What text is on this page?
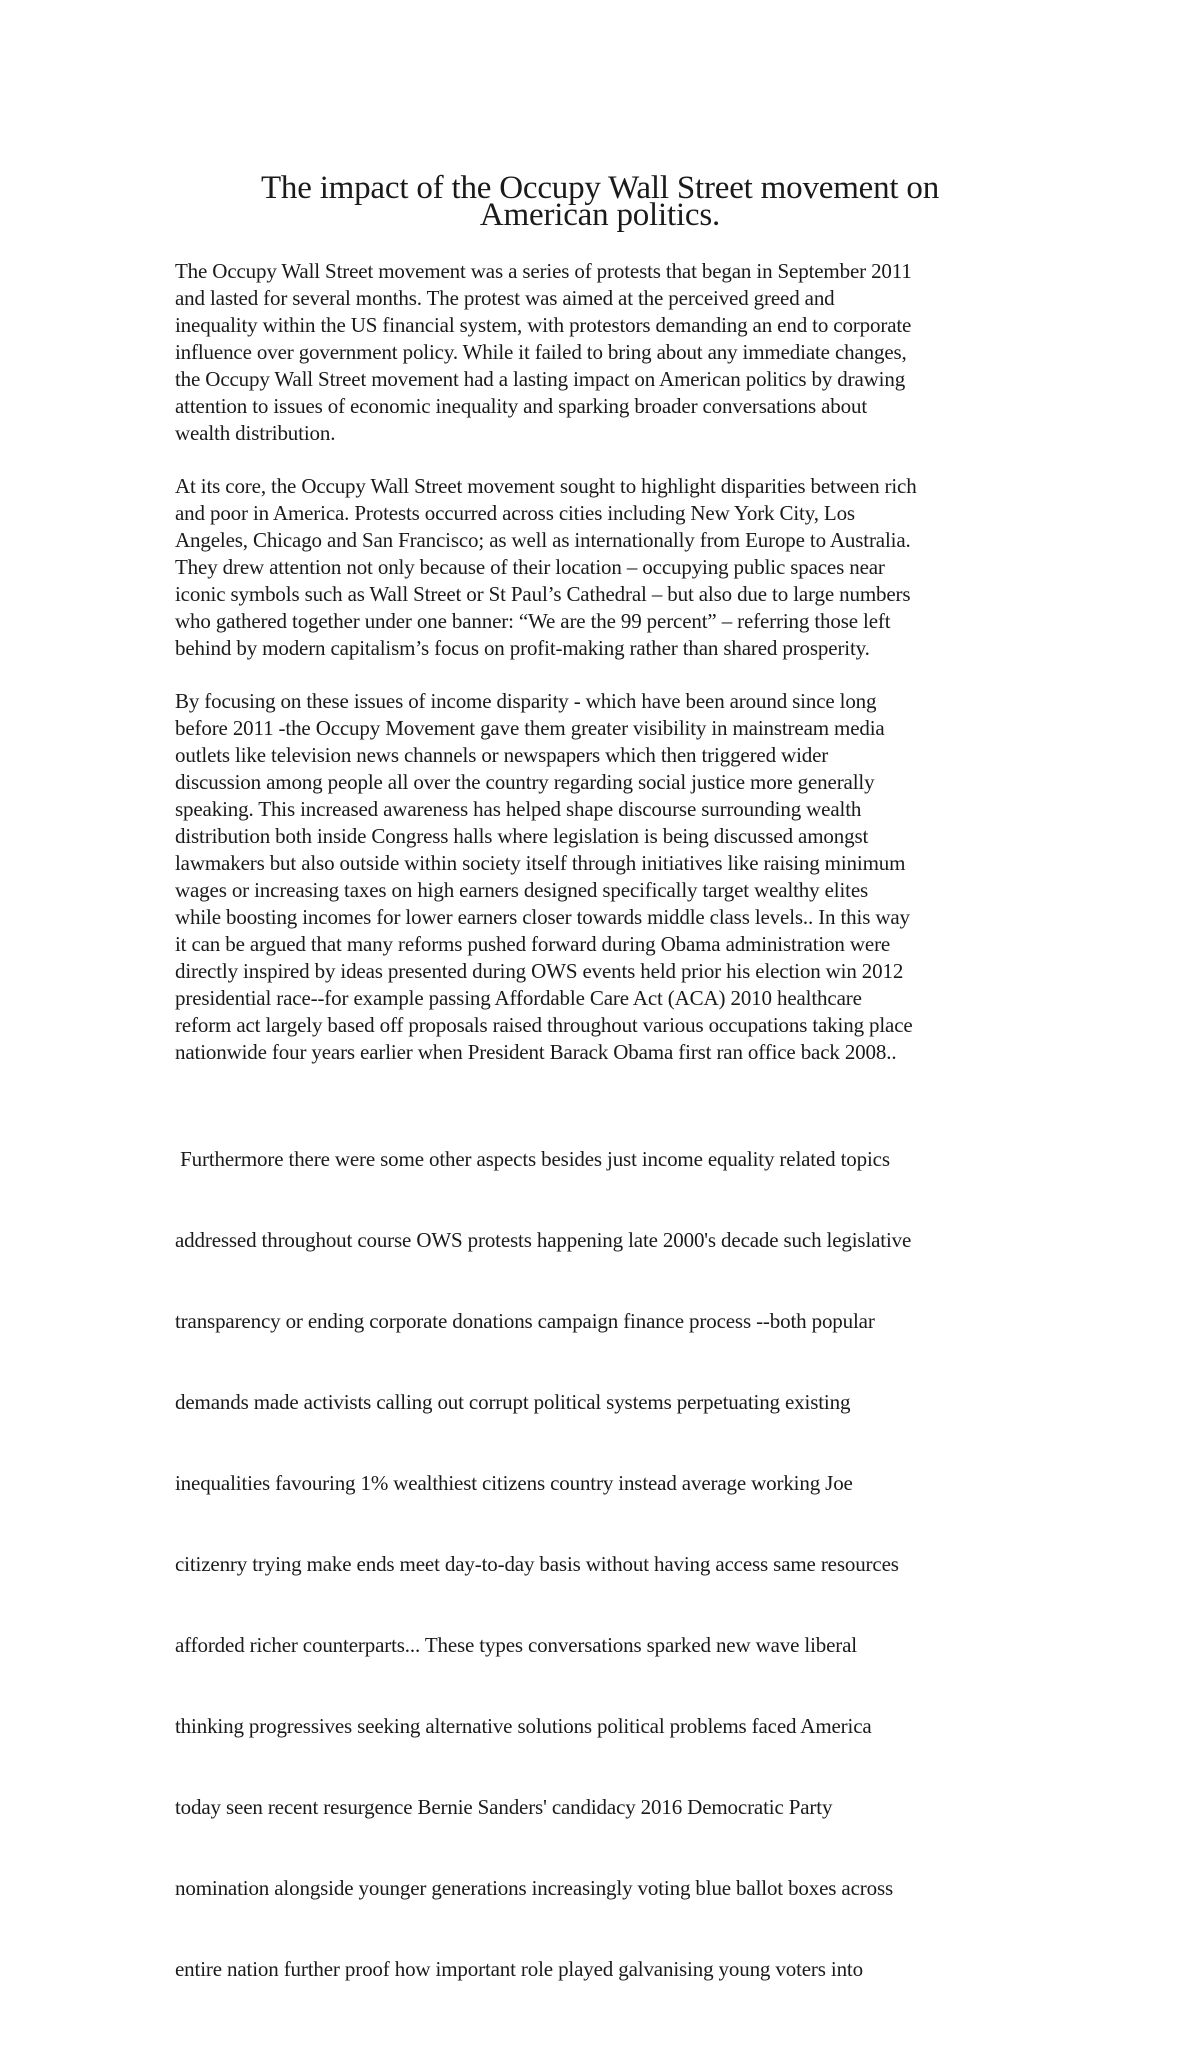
The impact of the Occupy Wall Street movement on
American politics.

The Occupy Wall Street movement was a series of protests that began in September 2011
and lasted for several months. The protest was aimed at the perceived greed and
inequality within the US financial system, with protestors demanding an end to corporate
influence over government policy. While it failed to bring about any immediate changes,
the Occupy Wall Street movement had a lasting impact on American politics by drawing
attention to issues of economic inequality and sparking broader conversations about
wealth distribution.

At its core, the Occupy Wall Street movement sought to highlight disparities between rich
and poor in America. Protests occurred across cities including New York City, Los
Angeles, Chicago and San Francisco; as well as internationally from Europe to Australia.
They drew attention not only because of their location – occupying public spaces near
iconic symbols such as Wall Street or St Paul’s Cathedral – but also due to large numbers
who gathered together under one banner: “We are the 99 percent” – referring those left
behind by modern capitalism’s focus on profit-making rather than shared prosperity.

By focusing on these issues of income disparity - which have been around since long
before 2011 -the Occupy Movement gave them greater visibility in mainstream media
outlets like television news channels or newspapers which then triggered wider
discussion among people all over the country regarding social justice more generally
speaking. This increased awareness has helped shape discourse surrounding wealth
distribution both inside Congress halls where legislation is being discussed amongst
lawmakers but also outside within society itself through initiatives like raising minimum
wages or increasing taxes on high earners designed specifically target wealthy elites
while boosting incomes for lower earners closer towards middle class levels.. In this way
it can be argued that many reforms pushed forward during Obama administration were
directly inspired by ideas presented during OWS events held prior his election win 2012
presidential race--for example passing Affordable Care Act (ACA) 2010 healthcare
reform act largely based off proposals raised throughout various occupations taking place
nationwide four years earlier when President Barack Obama first ran office back 2008..

Furthermore there were some other aspects besides just income equality related topics

addressed throughout course OWS protests happening late 2000's decade such legislative

transparency or ending corporate donations campaign finance process --both popular

demands made activists calling out corrupt political systems perpetuating existing

inequalities favouring 1% wealthiest citizens country instead average working Joe

citizenry trying make ends meet day-to-day basis without having access same resources

afforded richer counterparts... These types conversations sparked new wave liberal

thinking progressives seeking alternative solutions political problems faced America

today seen recent resurgence Bernie Sanders' candidacy 2016 Democratic Party

nomination alongside younger generations increasingly voting blue ballot boxes across

entire nation further proof how important role played galvanising young voters into
